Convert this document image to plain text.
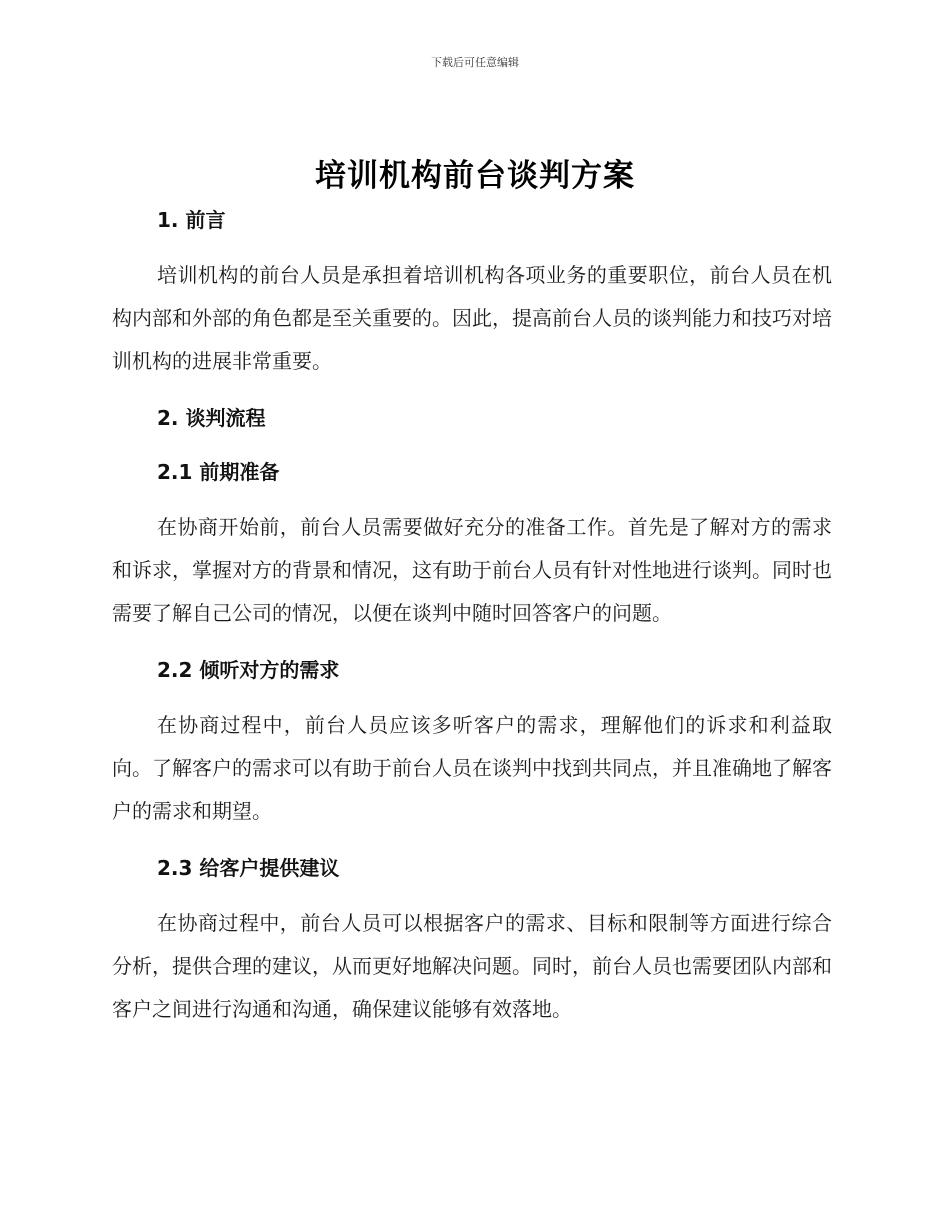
下载后可任意编辑
培训机构前台谈判方案
1. 前言

培训机构的前台人员是承担着培训机构各项业务的重要职位，前台人员在机构内部和外部的角色都是至关重要的。因此，提高前台人员的谈判能力和技巧对培训机构的进展非常重要。

2. 谈判流程
2.1 前期准备

在协商开始前，前台人员需要做好充分的准备工作。首先是了解对方的需求和诉求，掌握对方的背景和情况，这有助于前台人员有针对性地进行谈判。同时也需要了解自己公司的情况，以便在谈判中随时回答客户的问题。

2.2 倾听对方的需求

在协商过程中，前台人员应该多听客户的需求，理解他们的诉求和利益取向。了解客户的需求可以有助于前台人员在谈判中找到共同点，并且准确地了解客户的需求和期望。

2.3 给客户提供建议

在协商过程中，前台人员可以根据客户的需求、目标和限制等方面进行综合分析，提供合理的建议，从而更好地解决问题。同时，前台人员也需要团队内部和客户之间进行沟通和沟通，确保建议能够有效落地。
